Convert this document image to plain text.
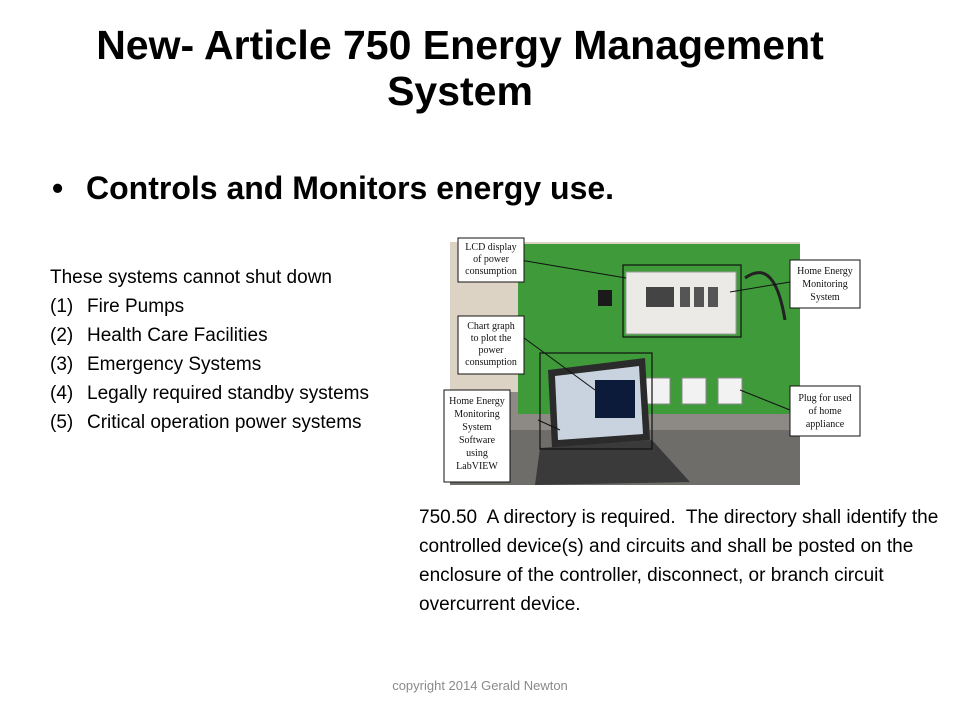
New- Article 750 Energy Management System
• Controls and Monitors energy use.
These systems cannot shut down
(1) Fire Pumps
(2) Health Care Facilities
(3) Emergency Systems
(4) Legally required standby systems
(5) Critical operation power systems
LCD display of power consumption
Chart graph to plot the power consumption
Home Energy Monitoring System Software using LabVIEW
Home Energy Monitoring System
Plug for used of home appliance
750.50  A directory is required.  The directory shall identify the controlled device(s) and circuits and shall be posted on the enclosure of the controller, disconnect, or branch circuit overcurrent device.
copyright 2014 Gerald Newton
